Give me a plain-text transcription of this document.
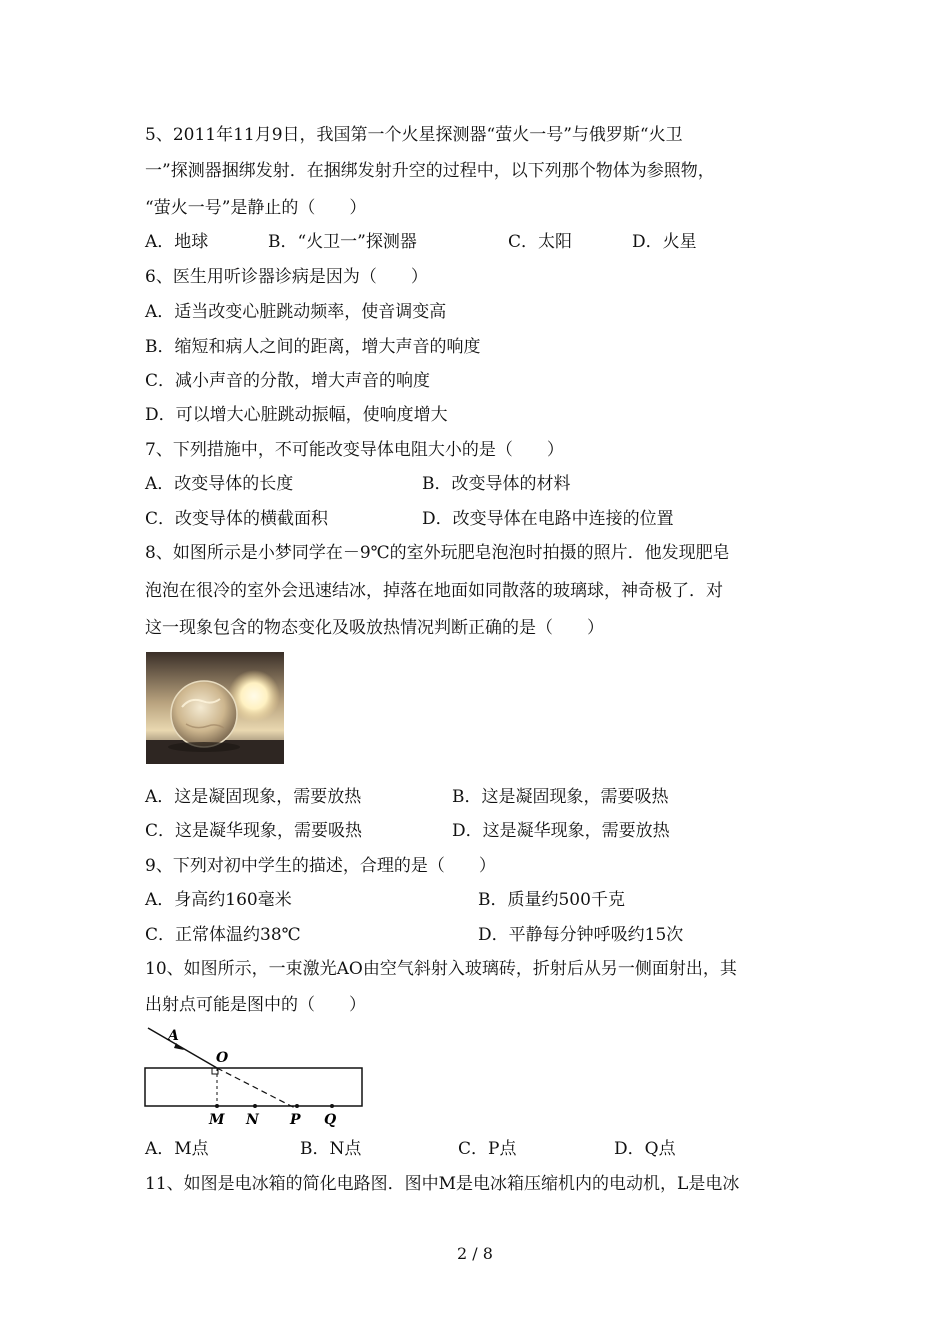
5、2011年11月9日，我国第一个火星探测器“萤火一号”与俄罗斯“火卫
一”探测器捆绑发射．在捆绑发射升空的过程中，以下列那个物体为参照物，
“萤火一号”是静止的（　　）
A．地球	B．“火卫一”探测器	C．太阳	D．火星
6、医生用听诊器诊病是因为（　　）
A．适当改变心脏跳动频率，使音调变高
B．缩短和病人之间的距离，增大声音的响度
C．减小声音的分散，增大声音的响度
D．可以增大心脏跳动振幅，使响度增大
7、下列措施中，不可能改变导体电阻大小的是（　　）
A．改变导体的长度	B．改变导体的材料
C．改变导体的横截面积	D．改变导体在电路中连接的位置
8、如图所示是小梦同学在－9℃的室外玩肥皂泡泡时拍摄的照片．他发现肥皂
泡泡在很冷的室外会迅速结冰，掉落在地面如同散落的玻璃球，神奇极了．对
这一现象包含的物态变化及吸放热情况判断正确的是（　　）
A．这是凝固现象，需要放热	B．这是凝固现象，需要吸热
C．这是凝华现象，需要吸热	D．这是凝华现象，需要放热
9、下列对初中学生的描述，合理的是（　　）
A．身高约160毫米	B．质量约500千克
C．正常体温约38℃	D．平静每分钟呼吸约15次
10、如图所示，一束激光AO由空气斜射入玻璃砖，折射后从另一侧面射出，其
出射点可能是图中的（　　）
A
O
M N P Q
A．M点	B．N点	C．P点	D．Q点
11、如图是电冰箱的简化电路图．图中M是电冰箱压缩机内的电动机，L是电冰
2 / 8
